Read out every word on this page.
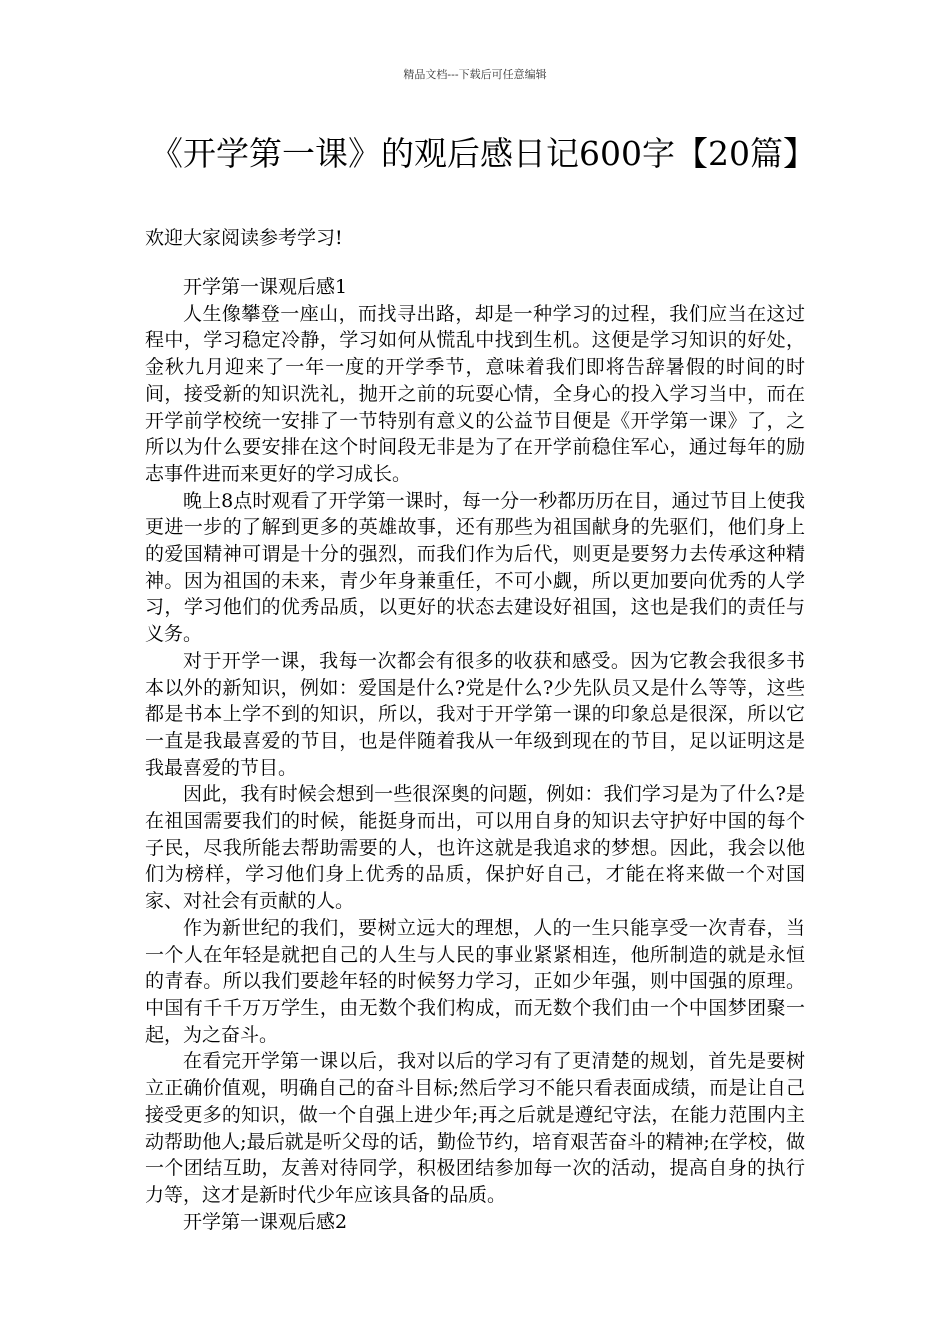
精品文档---下载后可任意编辑
《开学第一课》的观后感日记600字【20篇】
欢迎大家阅读参考学习!

开学第一课观后感1

人生像攀登一座山，而找寻出路，却是一种学习的过程，我们应当在这过程中，学习稳定冷静，学习如何从慌乱中找到生机。这便是学习知识的好处，金秋九月迎来了一年一度的开学季节，意味着我们即将告辞暑假的时间的时间，接受新的知识洗礼，抛开之前的玩耍心情，全身心的投入学习当中，而在开学前学校统一安排了一节特别有意义的公益节目便是《开学第一课》了，之所以为什么要安排在这个时间段无非是为了在开学前稳住军心，通过每年的励志事件进而来更好的学习成长。

晚上8点时观看了开学第一课时，每一分一秒都历历在目，通过节目上使我更进一步的了解到更多的英雄故事，还有那些为祖国献身的先驱们，他们身上的爱国精神可谓是十分的强烈，而我们作为后代，则更是要努力去传承这种精神。因为祖国的未来，青少年身兼重任，不可小觑，所以更加要向优秀的人学习，学习他们的优秀品质，以更好的状态去建设好祖国，这也是我们的责任与义务。

对于开学一课，我每一次都会有很多的收获和感受。因为它教会我很多书本以外的新知识，例如：爱国是什么?党是什么?少先队员又是什么等等，这些都是书本上学不到的知识，所以，我对于开学第一课的印象总是很深，所以它一直是我最喜爱的节目，也是伴随着我从一年级到现在的节目，足以证明这是我最喜爱的节目。

因此，我有时候会想到一些很深奥的问题，例如：我们学习是为了什么?是在祖国需要我们的时候，能挺身而出，可以用自身的知识去守护好中国的每个子民，尽我所能去帮助需要的人，也许这就是我追求的梦想。因此，我会以他们为榜样，学习他们身上优秀的品质，保护好自己，才能在将来做一个对国家、对社会有贡献的人。

作为新世纪的我们，要树立远大的理想，人的一生只能享受一次青春，当一个人在年轻是就把自己的人生与人民的事业紧紧相连，他所制造的就是永恒的青春。所以我们要趁年轻的时候努力学习，正如少年强，则中国强的原理。中国有千千万万学生，由无数个我们构成，而无数个我们由一个中国梦团聚一起，为之奋斗。

在看完开学第一课以后，我对以后的学习有了更清楚的规划，首先是要树立正确价值观，明确自己的奋斗目标;然后学习不能只看表面成绩，而是让自己接受更多的知识，做一个自强上进少年;再之后就是遵纪守法，在能力范围内主动帮助他人;最后就是听父母的话，勤俭节约，培育艰苦奋斗的精神;在学校，做一个团结互助，友善对待同学，积极团结参加每一次的活动，提高自身的执行力等，这才是新时代少年应该具备的品质。

开学第一课观后感2
